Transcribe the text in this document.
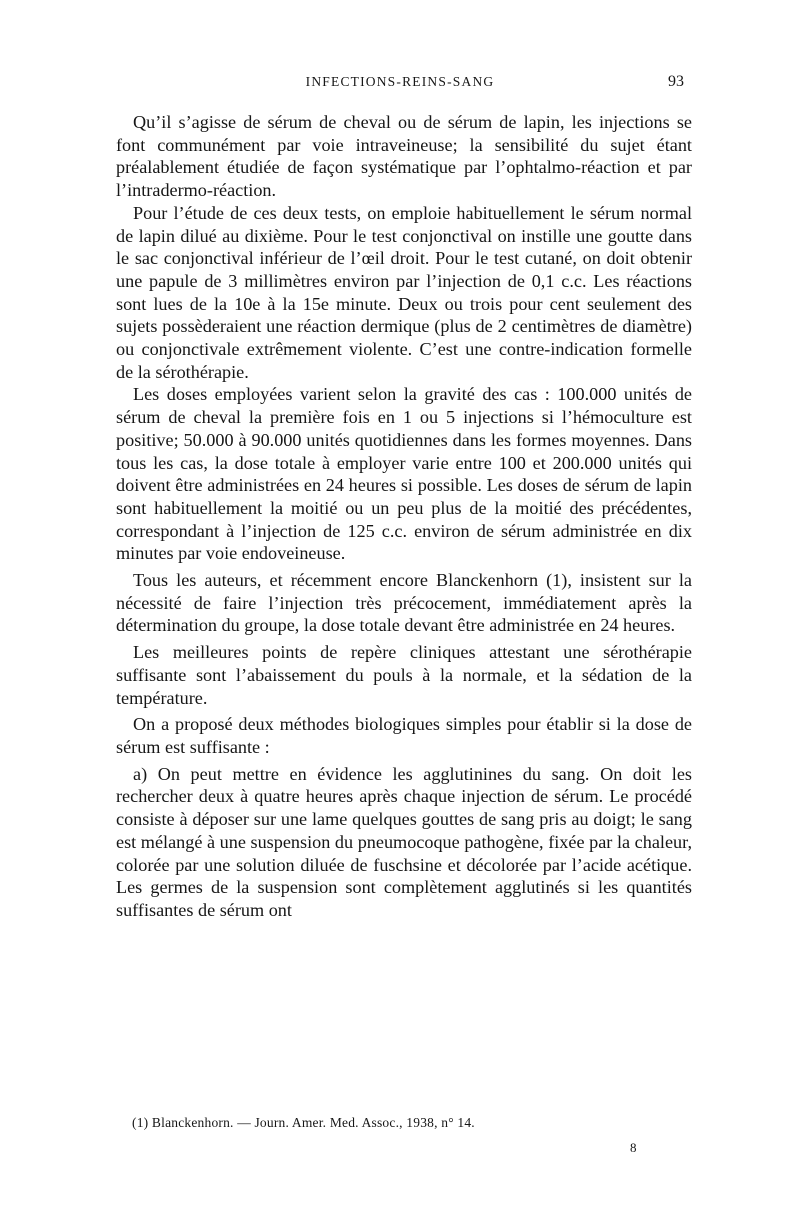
INFECTIONS-REINS-SANG	93

Qu’il s’agisse de sérum de cheval ou de sérum de lapin, les injections se font communément par voie intraveineuse; la sensibilité du sujet étant préalablement étudiée de façon systématique par l’ophtalmo-réaction et par l’intradermo-réaction.

Pour l’étude de ces deux tests, on emploie habituellement le sérum normal de lapin dilué au dixième. Pour le test conjonctival on instille une goutte dans le sac conjonctival inférieur de l’œil droit. Pour le test cutané, on doit obtenir une papule de 3 millimètres environ par l’injection de 0,1 c.c. Les réactions sont lues de la 10e à la 15e minute. Deux ou trois pour cent seulement des sujets possèderaient une réaction dermique (plus de 2 centimètres de diamètre) ou conjonctivale extrêmement violente. C’est une contre-indication formelle de la sérothérapie.

Les doses employées varient selon la gravité des cas : 100.000 unités de sérum de cheval la première fois en 1 ou 5 injections si l’hémoculture est positive; 50.000 à 90.000 unités quotidiennes dans les formes moyennes. Dans tous les cas, la dose totale à employer varie entre 100 et 200.000 unités qui doivent être administrées en 24 heures si possible. Les doses de sérum de lapin sont habituellement la moitié ou un peu plus de la moitié des précédentes, correspondant à l’injection de 125 c.c. environ de sérum administrée en dix minutes par voie endoveineuse.

Tous les auteurs, et récemment encore Blanckenhorn (1), insistent sur la nécessité de faire l’injection très précocement, immédiatement après la détermination du groupe, la dose totale devant être administrée en 24 heures.

Les meilleures points de repère cliniques attestant une sérothérapie suffisante sont l’abaissement du pouls à la normale, et la sédation de la température.

On a proposé deux méthodes biologiques simples pour établir si la dose de sérum est suffisante :

a) On peut mettre en évidence les agglutinines du sang. On doit les rechercher deux à quatre heures après chaque injection de sérum. Le procédé consiste à déposer sur une lame quelques gouttes de sang pris au doigt; le sang est mélangé à une suspension du pneumocoque pathogène, fixée par la chaleur, colorée par une solution diluée de fuschsine et décolorée par l’acide acétique. Les germes de la suspension sont complètement agglutinés si les quantités suffisantes de sérum ont

(1) Blanckenhorn. — Journ. Amer. Med. Assoc., 1938, n° 14.
8
